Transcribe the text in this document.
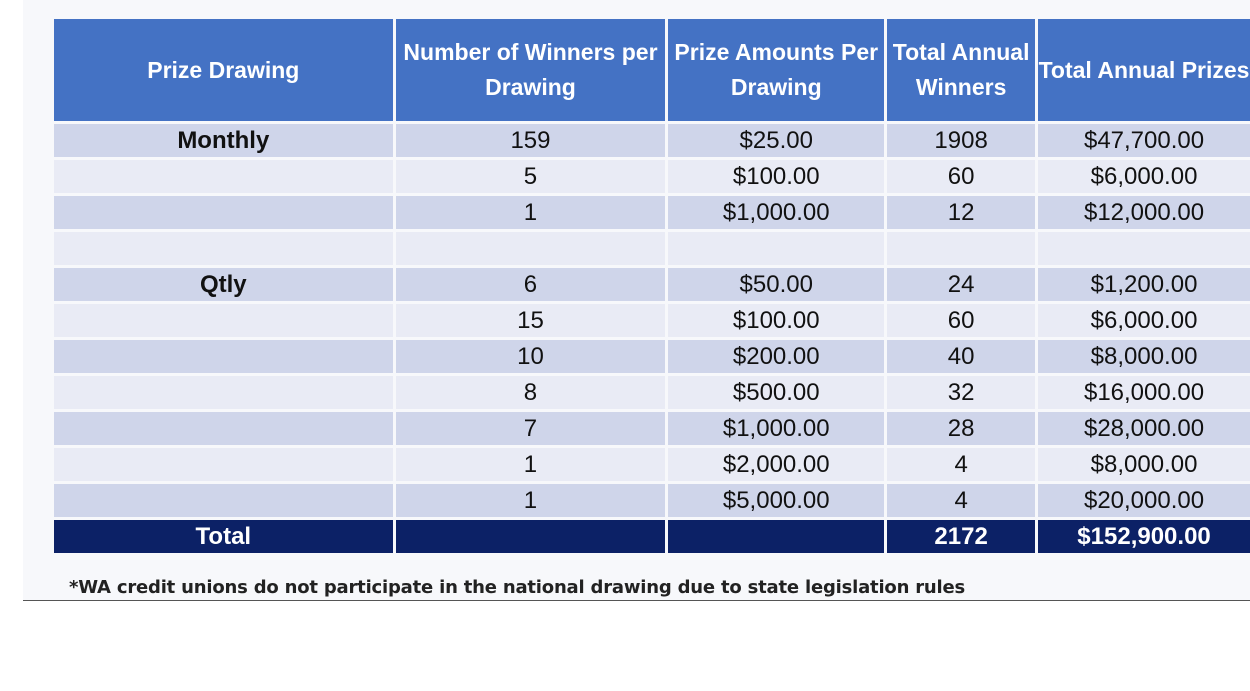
Prize Drawing	Number of Winners per Drawing	Prize Amounts Per Drawing	Total Annual Winners	Total Annual Prizes
Monthly	159	$25.00	1908	$47,700.00
	5	$100.00	60	$6,000.00
	1	$1,000.00	12	$12,000.00

Qtly	6	$50.00	24	$1,200.00
	15	$100.00	60	$6,000.00
	10	$200.00	40	$8,000.00
	8	$500.00	32	$16,000.00
	7	$1,000.00	28	$28,000.00
	1	$2,000.00	4	$8,000.00
	1	$5,000.00	4	$20,000.00
Total			2172	$152,900.00
*WA credit unions do not participate in the national drawing due to state legislation rules
